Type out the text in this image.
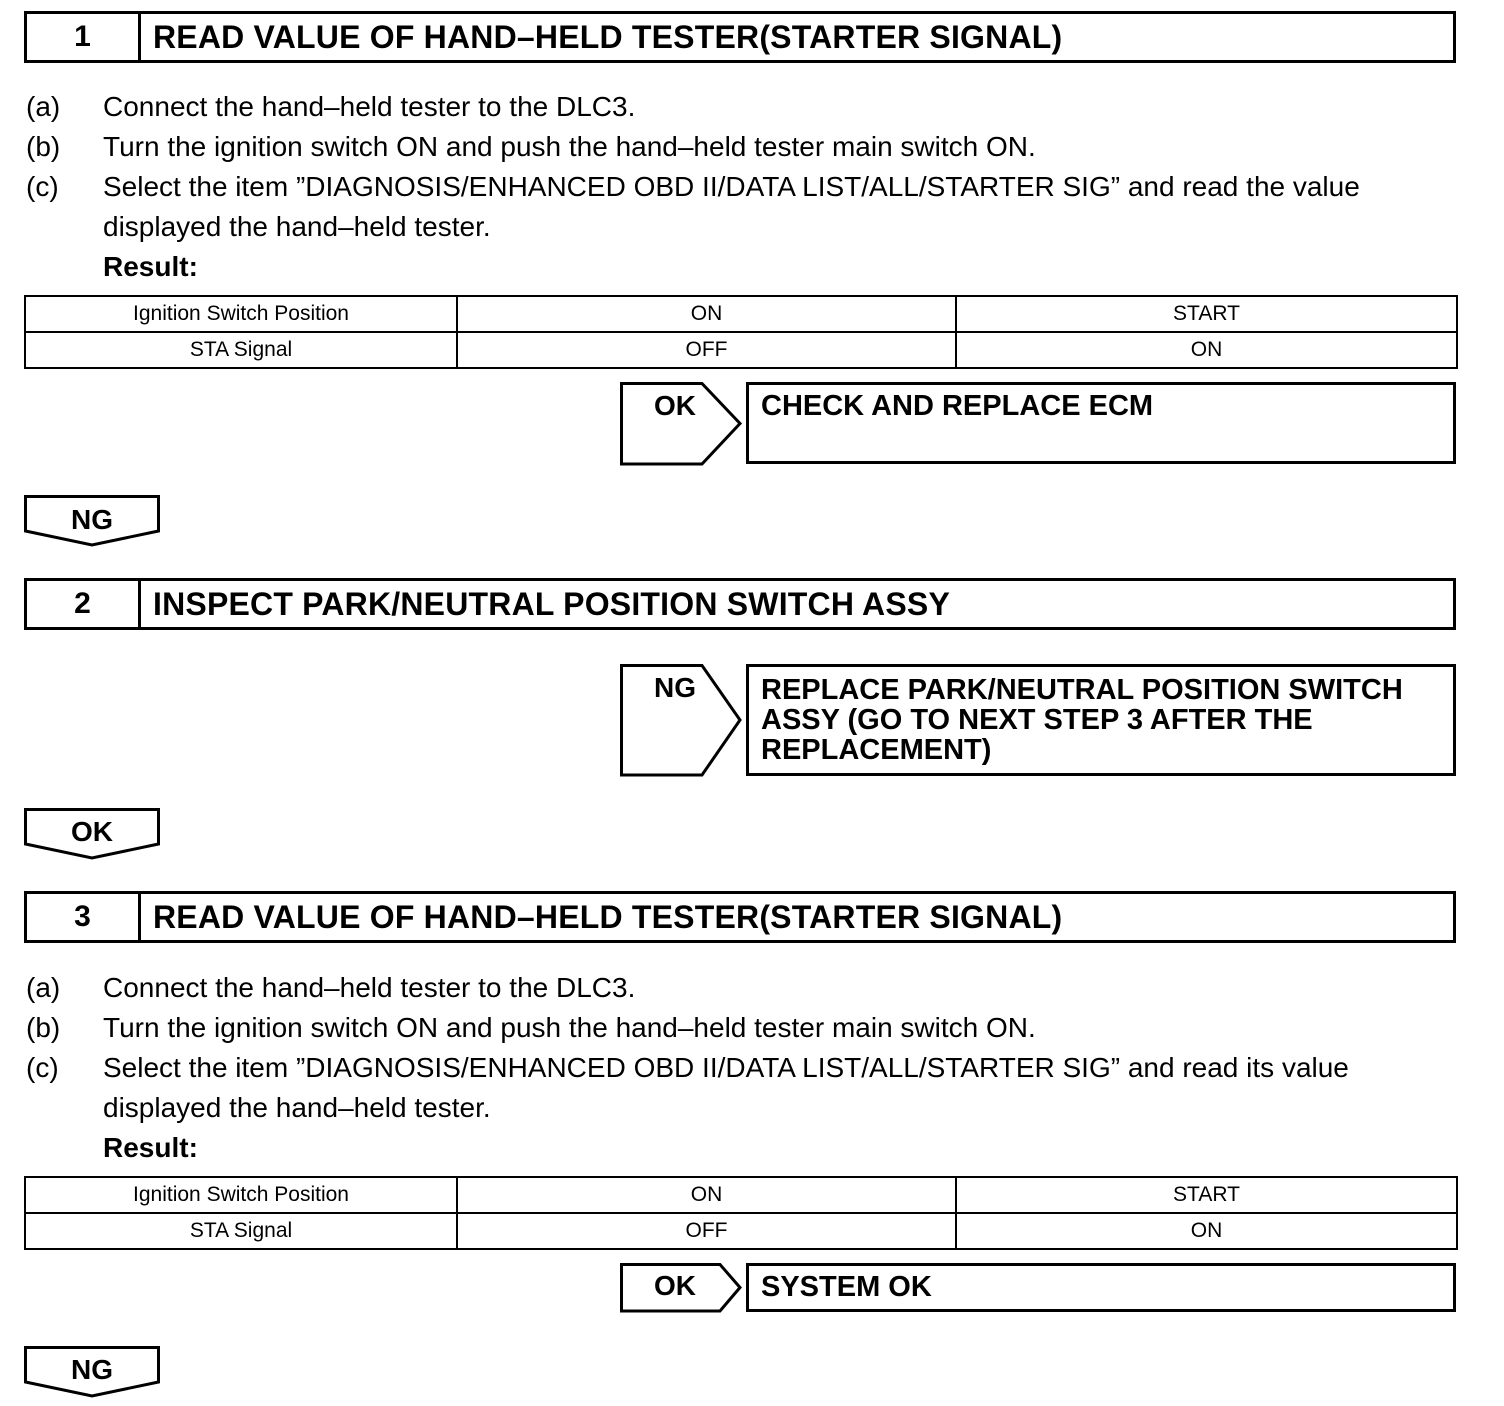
1	READ VALUE OF HAND–HELD TESTER(STARTER SIGNAL)
(a) Connect the hand–held tester to the DLC3.
(b) Turn the ignition switch ON and push the hand–held tester main switch ON.
(c) Select the item ”DIAGNOSIS/ENHANCED OBD II/DATA LIST/ALL/STARTER SIG” and read the value
displayed the hand–held tester.
Result:
Ignition Switch Position	ON	START
STA Signal	OFF	ON
OK	CHECK AND REPLACE ECM
NG
2	INSPECT PARK/NEUTRAL POSITION SWITCH ASSY
NG	REPLACE PARK/NEUTRAL POSITION SWITCH
ASSY (GO TO NEXT STEP 3 AFTER THE
REPLACEMENT)
OK
3	READ VALUE OF HAND–HELD TESTER(STARTER SIGNAL)
(a) Connect the hand–held tester to the DLC3.
(b) Turn the ignition switch ON and push the hand–held tester main switch ON.
(c) Select the item ”DIAGNOSIS/ENHANCED OBD II/DATA LIST/ALL/STARTER SIG” and read its value
displayed the hand–held tester.
Result:
Ignition Switch Position	ON	START
STA Signal	OFF	ON
OK	SYSTEM OK
NG
